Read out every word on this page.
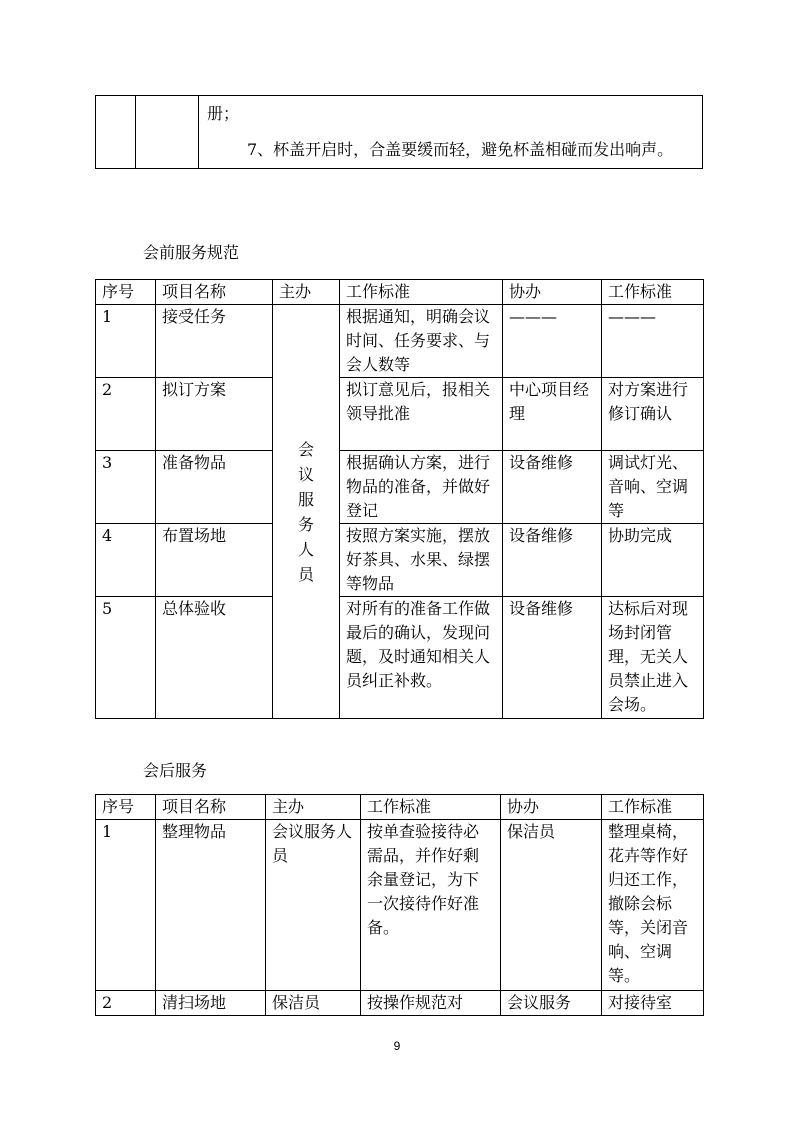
册；
7、杯盖开启时，合盖要缓而轻，避免杯盖相碰而发出响声。
会前服务规范
序号	项目名称	主办	工作标准	协办	工作标准
1	接受任务	会议服务人员	根据通知，明确会议时间、任务要求、与会人数等	———	———
2	拟订方案		拟订意见后，报相关领导批准	中心项目经理	对方案进行修订确认
3	准备物品		根据确认方案，进行物品的准备，并做好登记	设备维修	调试灯光、音响、空调等
4	布置场地		按照方案实施，摆放好茶具、水果、绿摆等物品	设备维修	协助完成
5	总体验收		对所有的准备工作做最后的确认，发现问题，及时通知相关人员纠正补救。	设备维修	达标后对现场封闭管理，无关人员禁止进入会场。
会后服务
序号	项目名称	主办	工作标准	协办	工作标准
1	整理物品	会议服务人员	按单查验接待必需品，并作好剩余量登记，为下一次接待作好准备。	保洁员	整理桌椅，花卉等作好归还工作，撤除会标等，关闭音响、空调等。
2	清扫场地	保洁员	按操作规范对	会议服务	对接待室
9
